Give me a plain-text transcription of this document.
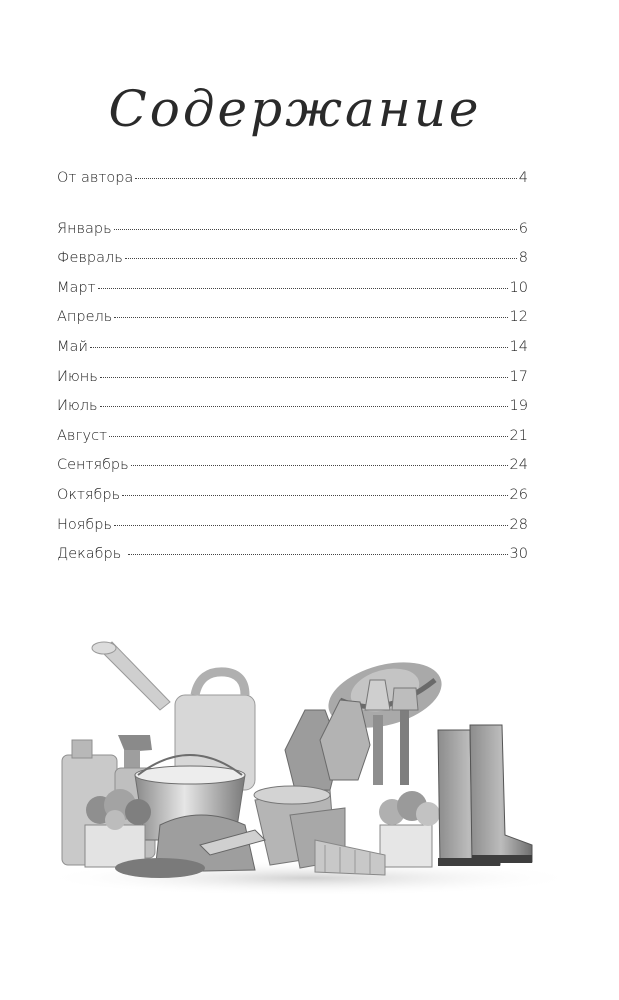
Содержание
От автора	4
Январь	6
Февраль	8
Март	10
Апрель	12
Май	14
Июнь	17
Июль	19
Август	21
Сентябрь	24
Октябрь	26
Ноябрь	28
Декабрь	30
